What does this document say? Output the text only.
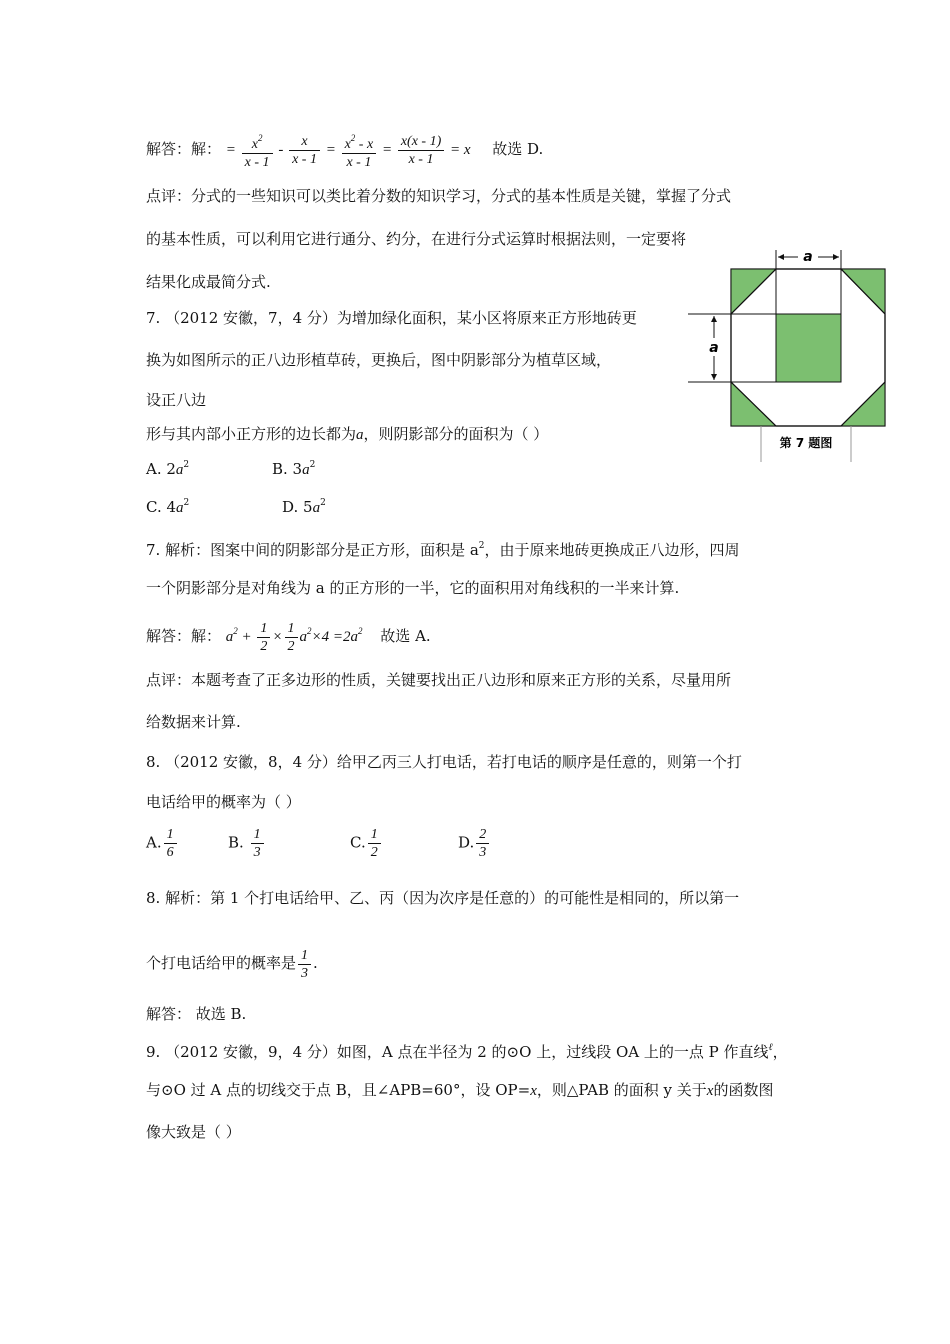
解答：解： = $\frac{x^2}{x - 1} - \frac{x}{x - 1} = \frac{x^2 - x}{x - 1} = \frac{x(x - 1)}{x - 1} = x$ 故选 D.
点评：分式的一些知识可以类比着分数的知识学习，分式的基本性质是关键，掌握了分式
的基本性质，可以利用它进行通分、约分，在进行分式运算时根据法则，一定要将
结果化成最简分式.
7. （2012 安徽，7，4 分）为增加绿化面积，某小区将原来正方形地砖更
换为如图所示的正八边形植草砖，更换后，图中阴影部分为植草区域，
设正八边
形与其内部小正方形的边长都为a，则阴影部分的面积为（ ）
A. $2a^2$	B. $3a^2$
C. $4a^2$	D. $5a^2$
a
a
第 7 题图
7. 解析：图案中间的阴影部分是正方形，面积是 $a^2$，由于原来地砖更换成正八边形，四周
一个阴影部分是对角线为 a 的正方形的一半，它的面积用对角线积的一半来计算.
解答：解： $a^2 + \frac{1}{2} \times \frac{1}{2} a^2\times 4 =2a^2$ 故选 A.
点评：本题考查了正多边形的性质，关键要找出正八边形和原来正方形的关系，尽量用所
给数据来计算.
8. （2012 安徽，8，4 分）给甲乙丙三人打电话，若打电话的顺序是任意的，则第一个打
电话给甲的概率为（ ）
A. $\frac{1}{6}$	B. $\frac{1}{3}$	C. $\frac{1}{2}$	D. $\frac{2}{3}$
8. 解析：第 1 个打电话给甲、乙、丙（因为次序是任意的）的可能性是相同的，所以第一
个打电话给甲的概率是 $\frac{1}{3}$ .
解答： 故选 B.
9. （2012 安徽，9，4 分）如图，A 点在半径为 2 的⊙O 上，过线段 OA 上的一点 P 作直线$^\ell$，
与⊙O 过 A 点的切线交于点 B，且∠APB=60°，设 OP=x，则△PAB 的面积 y 关于x的函数图
像大致是（ ）
